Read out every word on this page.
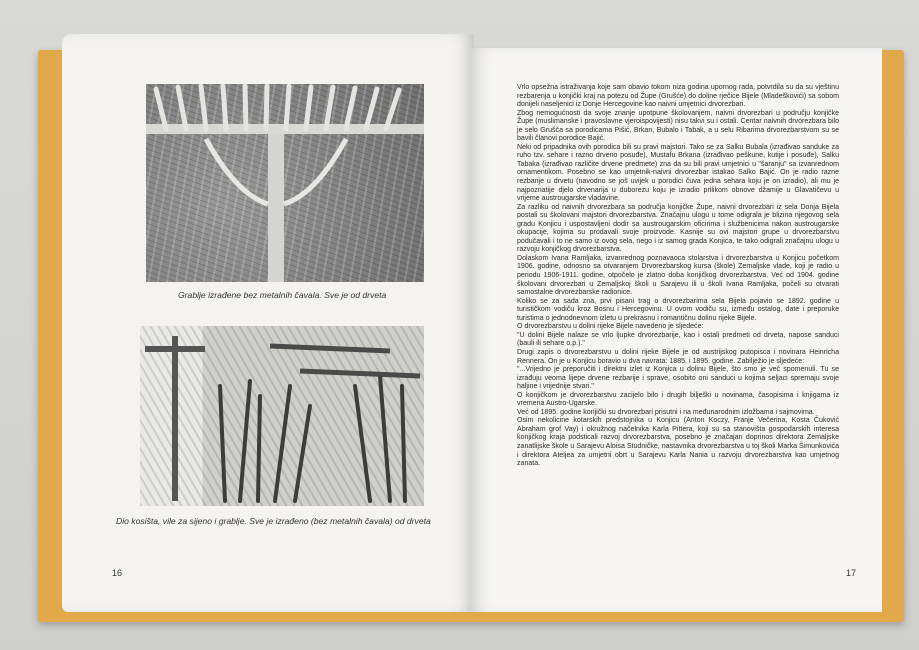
Grablje izrađene bez metalnih čavala. Sve je od drveta
Dio kosišta, vile za sijeno i grablje. Sve je izrađeno (bez metalnih čavala) od drveta
16

Vrlo opsežna istraživanja koje sam obavio tokom niza godina upornog rada, potvrdila su da su vještinu rezbarenja u konjički kraj na potezu od Župe (Grušće) do doline rječice Bijele (Mladeškovići) sa sobom donijeli naseljenici iz Donje Hercegovine kao naivni umjetnici drvorezbari.

Zbog nemogućnosti da svoje znanje upotpune školovanjem, naivni drvorezbari u području konjičke Župe (muslimanske i pravoslavne vjeroispovijesti) nisu takvi su i ostali. Centar naivnih drvorezbara bilo je selo Grušča sa porodicama Pišić, Brkan, Bubalo i Tabak, a u selu Ribarima drvorezbarstvom su se bavili članovi porodice Bajić.

Neki od pripadnika ovih porodica bili su pravi majstori. Tako se za Salku Bubala (izrađivao sanduke za ruho tzv. sehare i razno drveno posuđe), Mustafu Brkana (izrađivao peškune, kutije i posuđe), Salku Tabaka (izrađivao različite drvene predmete) zna da su bili pravi umjetnici u "šaranju" sa izvanrednom ornamentikom. Posebno se kao umjetnik-naivni drvorezbar istakao Salko Bajić. On je radio razne rezbarije u drvetu (navodno se još uvijek u porodici čuva jedna sehara koju je on izradio), ali mu je najpoznatije djelo drvenarija u duborezu koju je izradio prilikom obnove džamije u Glavatičevu u vrijeme austrougarske vladavine.

Za razliku od naivnih drvorezbara sa područja konjičke Župe, naivni drvorezbari iz sela Donja Bijela postali su školovani majstori drvorezbarstva. Značajnu ulogu u tome odigrala je blizina njegovog sela gradu Konjicu i uspostavljeni dodir sa austrougarskim oficirima i službenicima nakon austrougarske okupacije, kojima su prodavali svoje proizvode. Kasnije su ovi majstori grupe u drvorezbarstvu podučavali i to ne samo iz ovog sela, nego i iz samog grada Konjica, te tako odigrali značajnu ulogu u razvoju konjičkog drvorezbarstva.

Dolaskom Ivana Ramljaka, izvanrednog poznavaoca stolarstva i drvorezbarstva u Konjicu početkom 1906. godine, odnosno sa otvaranjem Drvorezbarskog kursa (škole) Zemaljske vlade, koji je radio u periodu 1906-1911. godine, otpočelo je zlatno doba konjičkog drvorezbarstva. Već od 1904. godine školovani drvorezbari u Zemaljskoj školi u Sarajevu ili u školi Ivana Ramljaka, počeli su otvarati samostalne drvorezbarske radionice.

Koliko se za sada zna, prvi pisani trag o drvorezbarima sela Bijela pojavio se 1892. godine u turističkom vodiču kroz Bosnu i Hercegovinu. U ovom vodiču su, između ostalog, date i preporuke turistima o jednodnevnom izletu u prekrasnu i romantičnu dolinu rijeke Bijele.

O drvorezbarstvu u dolini rijeke Bijele navedeno je sljedeće:

"U dolini Bijele nalaze se vrlo ljupke drvorezbarije, kao i ostali predmeti od drveta, napose sanduci (bauli ili sehare o.p.)."

Drugi zapis o drvorezbarstvu u dolini rijeke Bijele je od austrijskog putopisca i novinara Heinricha Rennera. On je u Konjicu boravio u dva navrata: 1885. i 1895. godine. Zabilježio je sljedeće:

"...Vrijedno je preporučiti i direktni izlet iz Konjica u dolinu Bijele, što smo je već spomenuli. Tu se izrađuju veoma lijepe drvene rezbarije i sprave, osobito oni sanduci u kojima seljaci spremaju svoje haljine i vrijednije stvari."

O konjičkom je drvorezbarstvu zacijelo bilo i drugih bilješki u novinama, časopisima i knjigama iz vremena Austro-Ugarske.

Već od 1895. godine konjički su drvorezbari prisutni i na međunarodnim izložbama i sajmovima.

Osim nekolicine kotarskih predstojnika u Konjicu (Anton Koczy, Franje Večerina, Kosta Čuković Abraham grof Vay) i okružnog načelnika Karla Pittera, koji su sa stanovišta gospodarskih interesa konjičkog kraja podsticali razvoj drvorezbarstva, posebno je značajan doprinos direktora Zemaljske zanatlijske škole u Sarajevu Aloisa Studničke, nastavnika drvorezbarstva u toj školi Marka Šimunkovića i direktora Ateljea za umjetni obrt u Sarajevu Karla Nania u razvoju drvorezbarstva kao umjetnog zanata.

17
